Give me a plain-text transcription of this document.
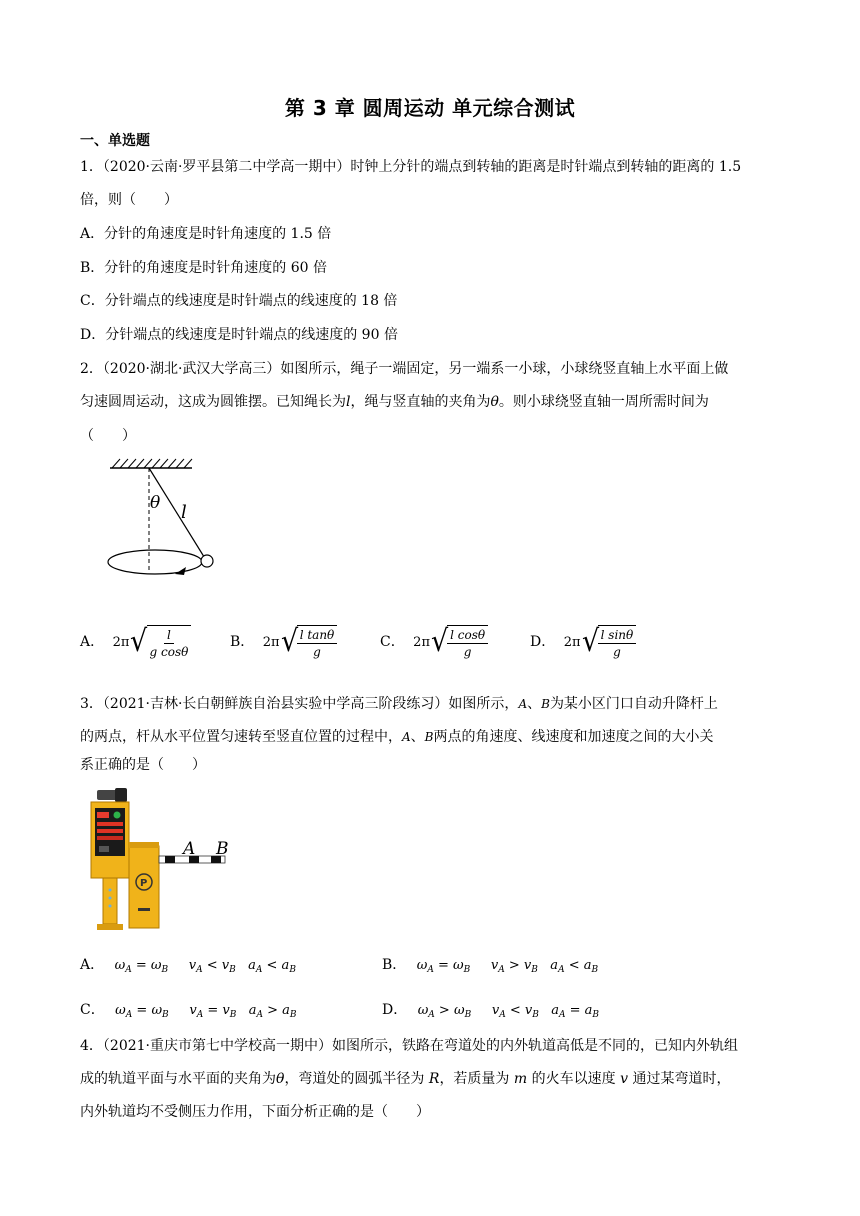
第 3 章 圆周运动 单元综合测试
一、单选题
1．（2020·云南·罗平县第二中学高一期中）时钟上分针的端点到转轴的距离是时针端点到转轴的距离的 1.5
倍，则（　　）
A．分针的角速度是时针角速度的 1.5 倍
B．分针的角速度是时针角速度的 60 倍
C．分针端点的线速度是时针端点的线速度的 18 倍
D．分针端点的线速度是时针端点的线速度的 90 倍
2．（2020·湖北·武汉大学高三）如图所示，绳子一端固定，另一端系一小球，小球绕竖直轴上水平面上做
匀速圆周运动，这成为圆锥摆。已知绳长为l，绳与竖直轴的夹角为θ。则小球绕竖直轴一周所需时间为
（　　）
θ l
A． 2π √
$\frac{l}{\text{g cosθ}}$	B． 2π √
$\frac{\text{l tanθ}}{g}$	C． 2π √
$\frac{\text{l cosθ}}{g}$	D． 2π √
$\frac{\text{l sinθ}}{g}$
3．（2021·吉林·长白朝鲜族自治县实验中学高三阶段练习）如图所示，A、B为某小区门口自动升降杆上
的两点，杆从水平位置匀速转至竖直位置的过程中，A、B两点的角速度、线速度和加速度之间的大小关
系正确的是（　　）
P
A B
A． $\omega_A = \omega_B$     $v_A < v_B$   $a_A < a_B$	B． $\omega_A = \omega_B$     $v_A > v_B$   $a_A < a_B$
C． $\omega_A = \omega_B$     $v_A = v_B$   $a_A > a_B$	D． $\omega_A > \omega_B$     $v_A < v_B$   $a_A = a_B$
4．（2021·重庆市第七中学校高一期中）如图所示，铁路在弯道处的内外轨道高低是不同的，已知内外轨组
成的轨道平面与水平面的夹角为θ，弯道处的圆弧半径为 R，若质量为 m 的火车以速度 v 通过某弯道时，
内外轨道均不受侧压力作用，下面分析正确的是（　　）
